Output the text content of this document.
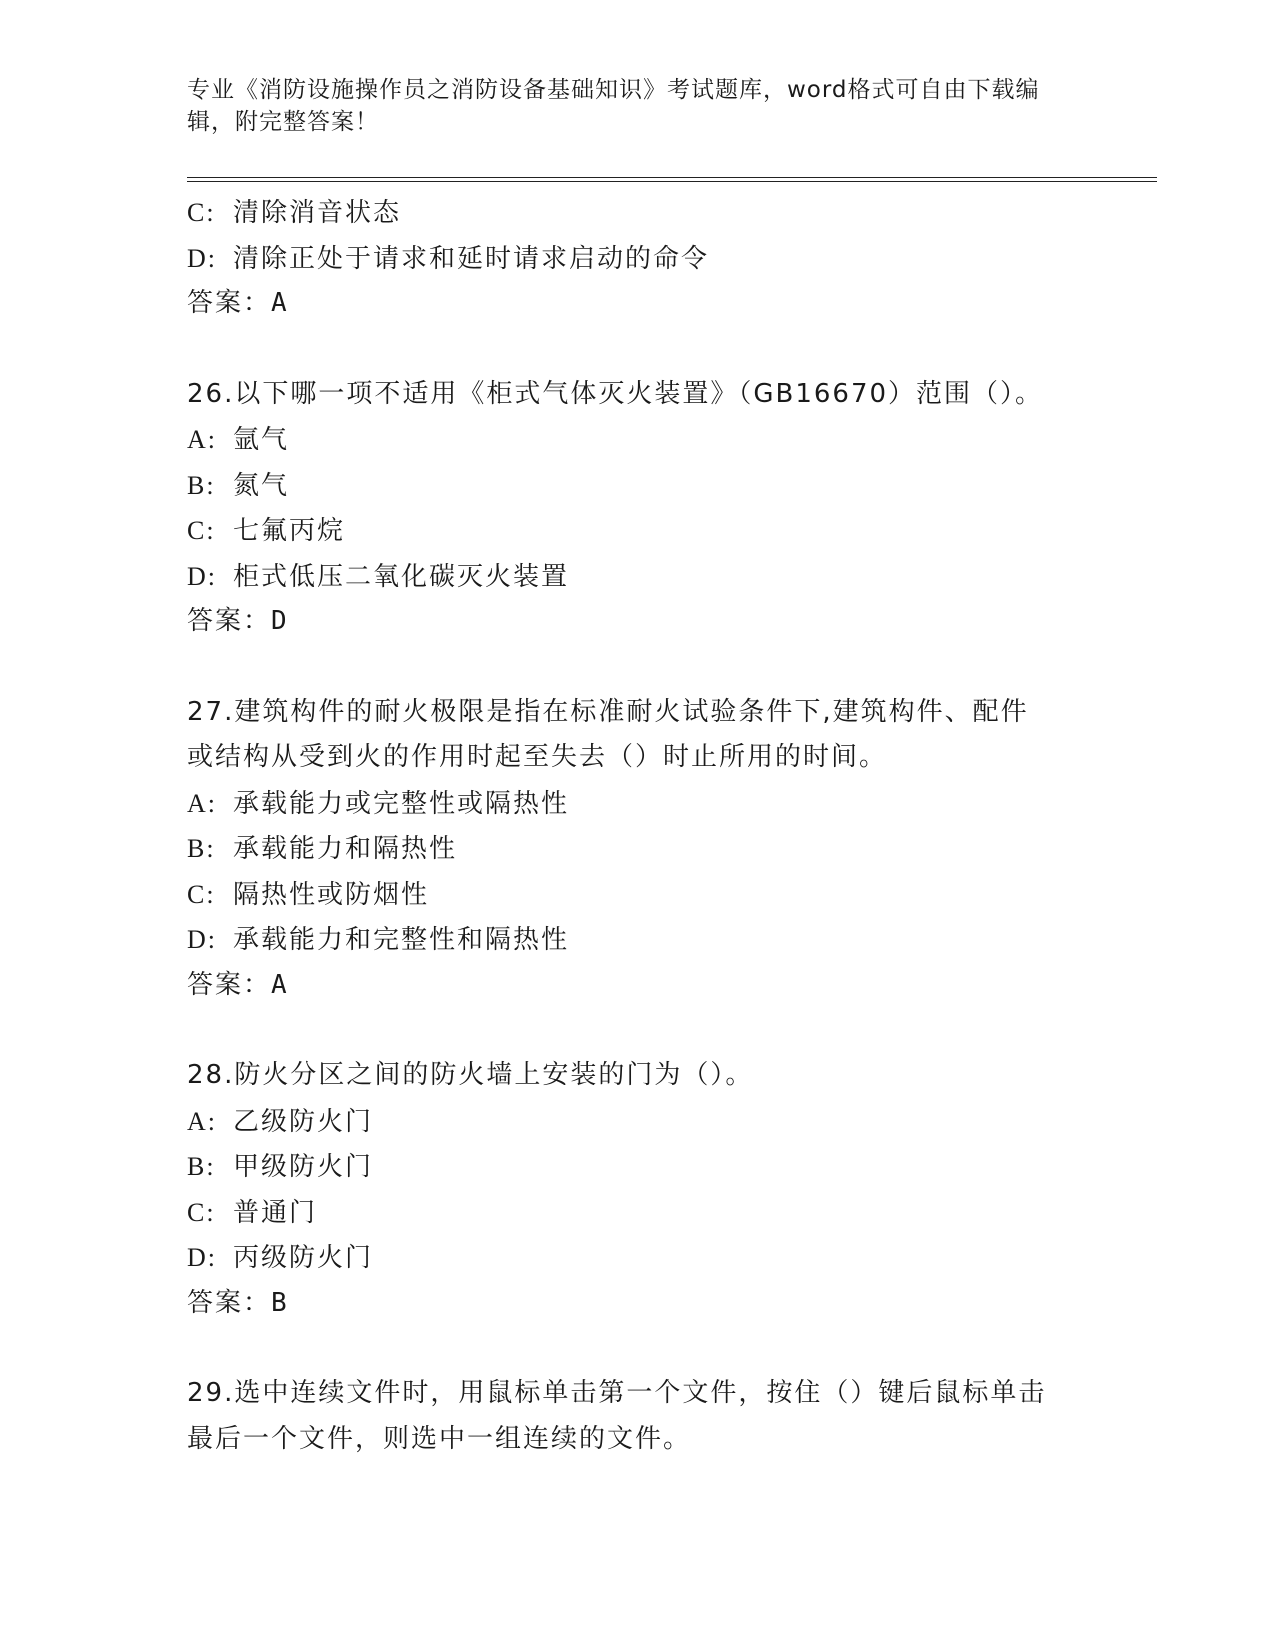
专业《消防设施操作员之消防设备基础知识》考试题库，word格式可自由下载编
辑，附完整答案！
C: 清除消音状态
D: 清除正处于请求和延时请求启动的命令
答案：A
26.以下哪一项不适用《柜式气体灭火装置》（GB16670）范围（）。
A: 氩气
B: 氮气
C: 七氟丙烷
D: 柜式低压二氧化碳灭火装置
答案：D
27.建筑构件的耐火极限是指在标准耐火试验条件下,建筑构件、配件
或结构从受到火的作用时起至失去（）时止所用的时间。
A: 承载能力或完整性或隔热性
B: 承载能力和隔热性
C: 隔热性或防烟性
D: 承载能力和完整性和隔热性
答案：A
28.防火分区之间的防火墙上安装的门为（）。
A: 乙级防火门
B: 甲级防火门
C: 普通门
D: 丙级防火门
答案：B
29.选中连续文件时，用鼠标单击第一个文件，按住（）键后鼠标单击
最后一个文件，则选中一组连续的文件。
